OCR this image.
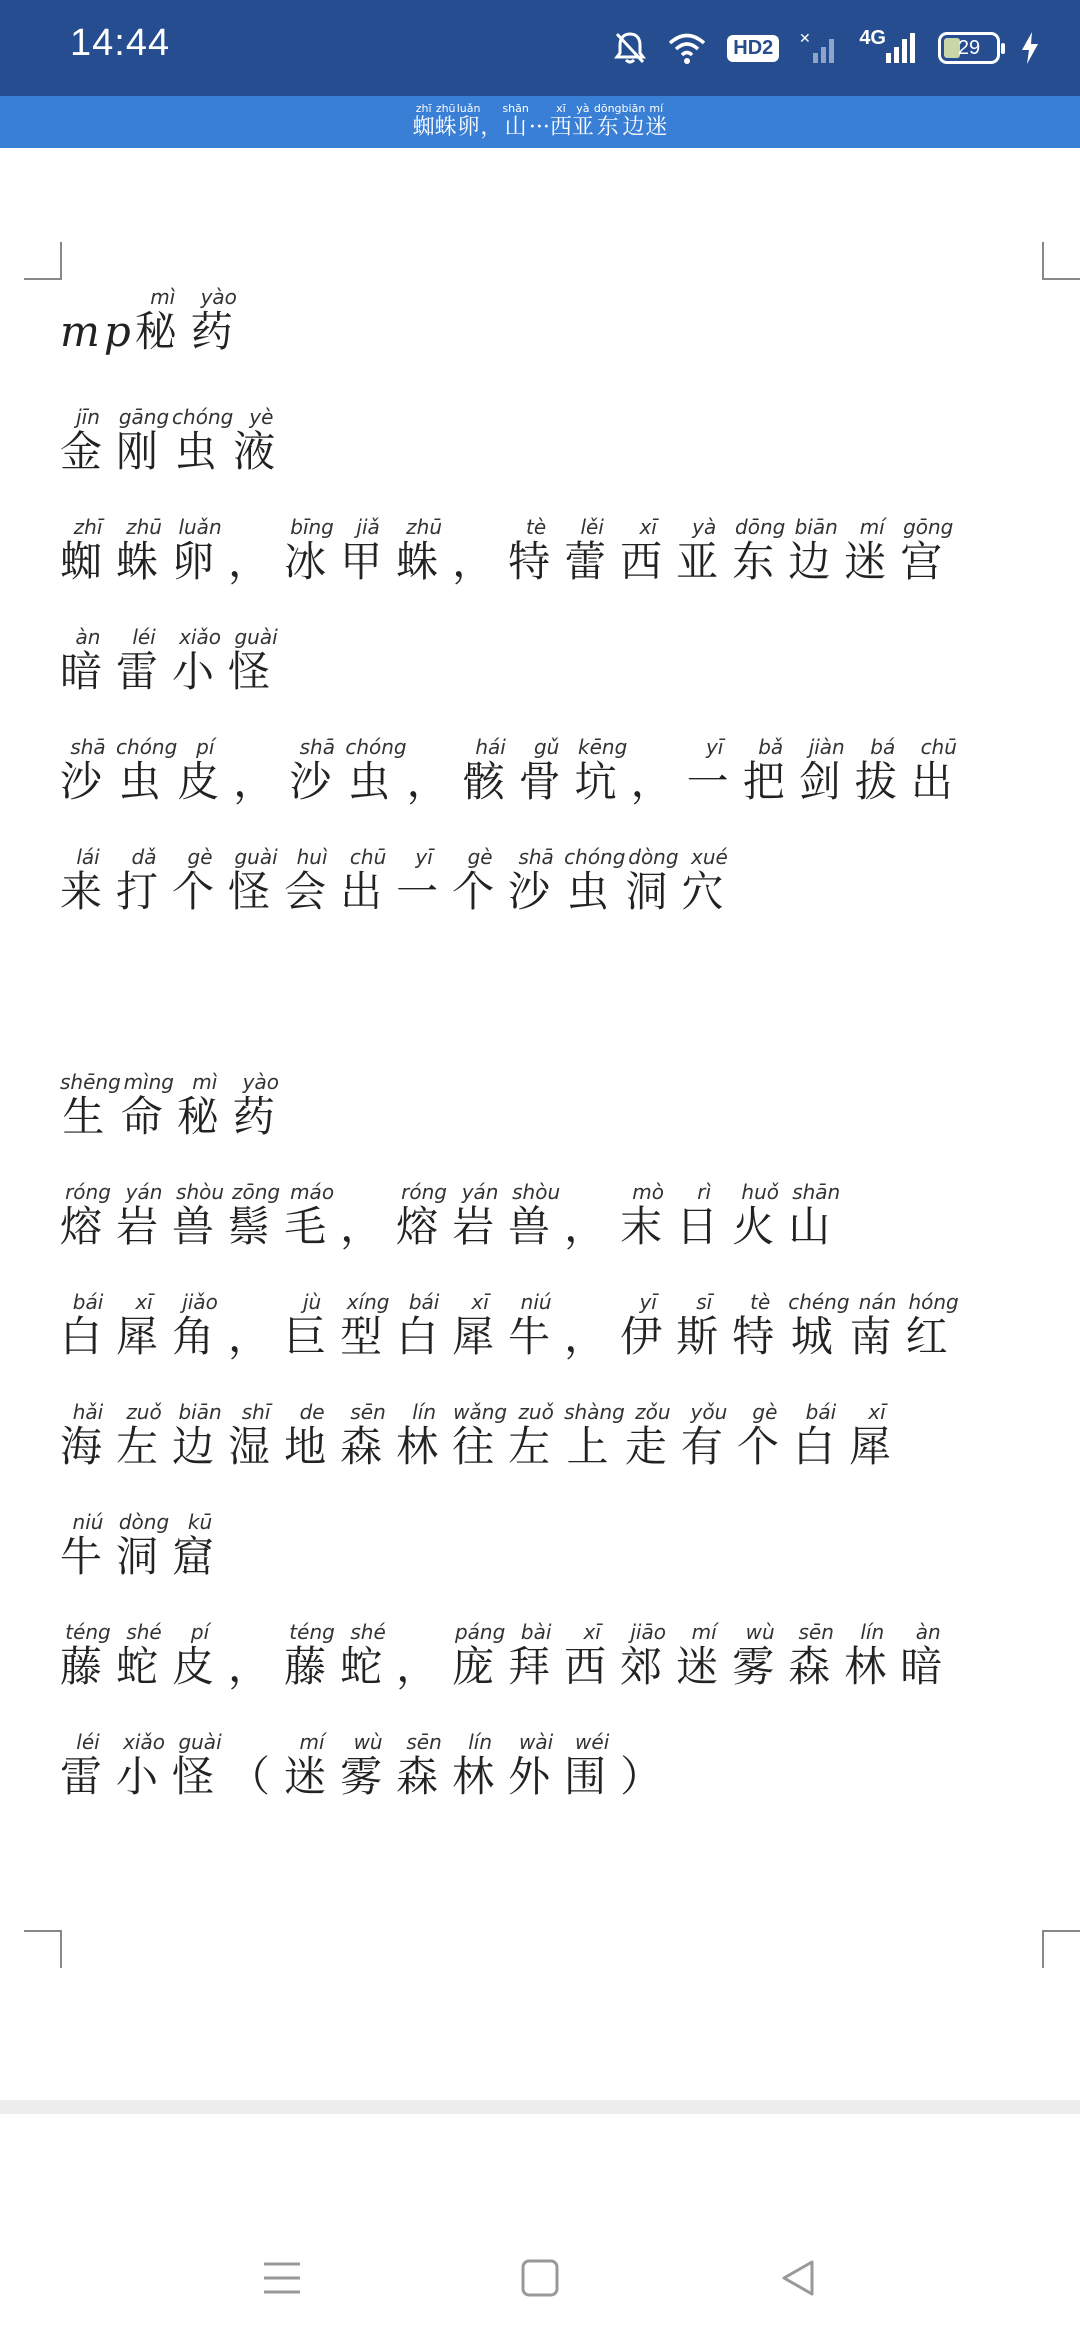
14:44	HD2	✕ 4G	29
蜘zhī蛛zhū卵luǎn，山shān···西xī亚yà东dōng边biān迷mí
mp秘mì药yào
金jīn刚gāng虫chóng液yè
蜘zhī蛛zhū卵luǎn，冰bīng甲jiǎ蛛zhū，特tè蕾lěi西xī亚yà东dōng边biān迷mí宫gōng
暗àn雷léi小xiǎo怪guài
沙shā虫chóng皮pí，沙shā虫chóng，骸hái骨gǔ坑kēng，一yī把bǎ剑jiàn拔bá出chū
来lái打dǎ个gè怪guài会huì出chū一yī个gè沙shā虫chóng洞dòng穴xué
生shēng命mìng秘mì药yào
熔róng岩yán兽shòu鬃zōng毛máo，熔róng岩yán兽shòu，末mò日rì火huǒ山shān
白bái犀xī角jiǎo，巨jù型xíng白bái犀xī牛niú，伊yī斯sī特tè城chéng南nán红hóng
海hǎi左zuǒ边biān湿shī地de森sēn林lín往wǎng左zuǒ上shàng走zǒu有yǒu个gè白bái犀xī
牛niú洞dòng窟kū
藤téng蛇shé皮pí，藤téng蛇shé，庞páng拜bài西xī郊jiāo迷mí雾wù森sēn林lín暗àn
雷léi小xiǎo怪guài（迷mí雾wù森sēn林lín外wài围wéi）
